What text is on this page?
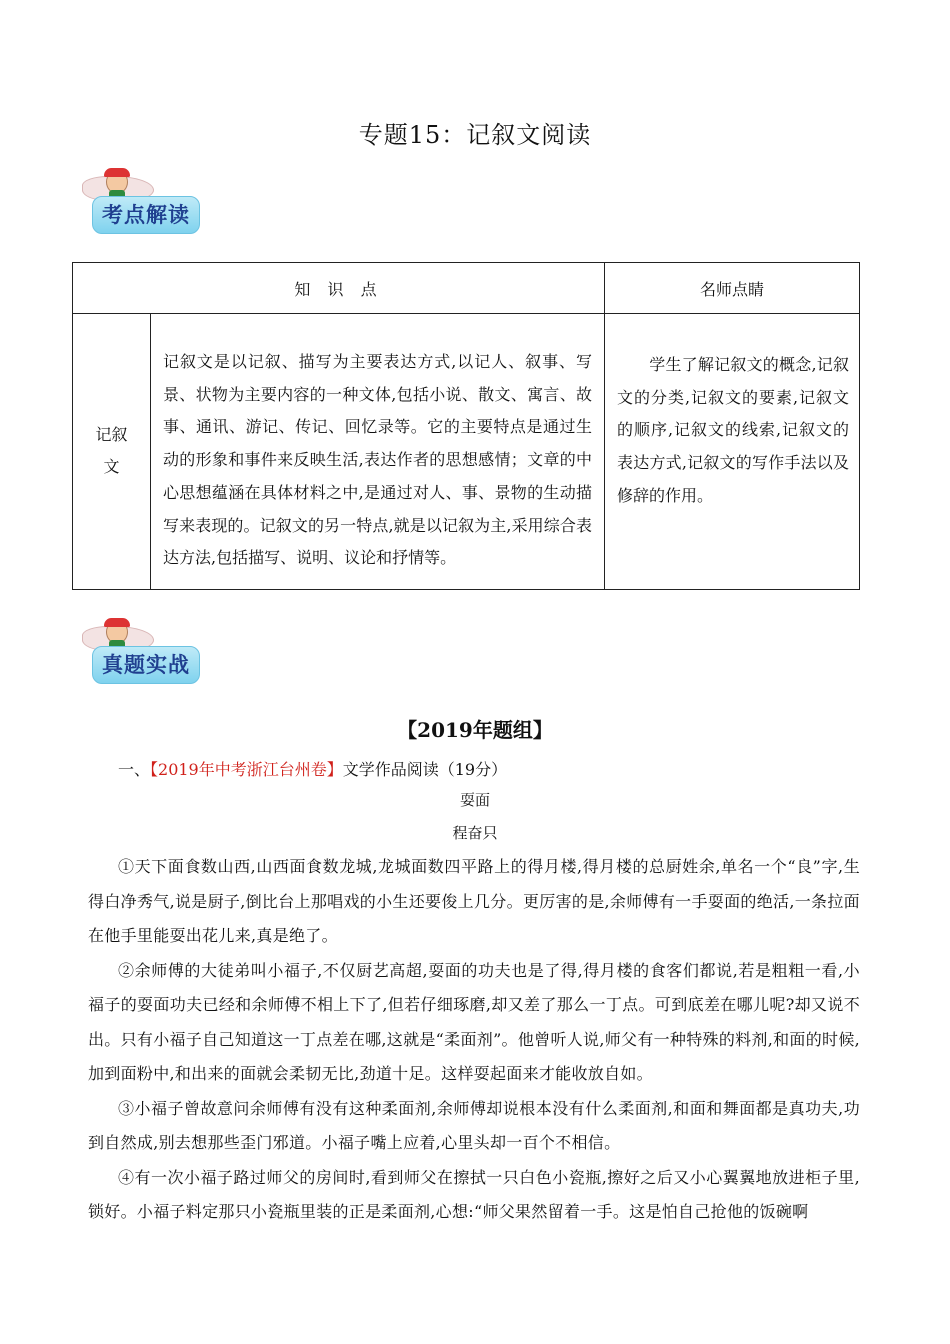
专题15：记叙文阅读
考点解读
知 识 点		名师点睛
记叙文	记叙文是以记叙、描写为主要表达方式,以记人、叙事、写景、状物为主要内容的一种文体,包括小说、散文、寓言、故事、通讯、游记、传记、回忆录等。它的主要特点是通过生动的形象和事件来反映生活,表达作者的思想感情；文章的中心思想蕴涵在具体材料之中,是通过对人、事、景物的生动描写来表现的。记叙文的另一特点,就是以记叙为主,采用综合表达方法,包括描写、说明、议论和抒情等。	学生了解记叙文的概念,记叙文的分类,记叙文的要素,记叙文的顺序,记叙文的线索,记叙文的表达方式,记叙文的写作手法以及修辞的作用。
真题实战
【2019年题组】
一、【2019年中考浙江台州卷】文学作品阅读（19分）
耍面
程奋只

①天下面食数山西,山西面食数龙城,龙城面数四平路上的得月楼,得月楼的总厨姓余,单名一个“良”字,生得白净秀气,说是厨子,倒比台上那唱戏的小生还要俊上几分。更厉害的是,余师傅有一手耍面的绝活,一条拉面在他手里能耍出花儿来,真是绝了。

②余师傅的大徒弟叫小福子,不仅厨艺高超,耍面的功夫也是了得,得月楼的食客们都说,若是粗粗一看,小福子的耍面功夫已经和余师傅不相上下了,但若仔细琢磨,却又差了那么一丁点。可到底差在哪儿呢?却又说不出。只有小福子自己知道这一丁点差在哪,这就是“柔面剂”。他曾听人说,师父有一种特殊的料剂,和面的时候,加到面粉中,和出来的面就会柔韧无比,劲道十足。这样耍起面来才能收放自如。

③小福子曾故意问余师傅有没有这种柔面剂,余师傅却说根本没有什么柔面剂,和面和舞面都是真功夫,功到自然成,别去想那些歪门邪道。小福子嘴上应着,心里头却一百个不相信。

④有一次小福子路过师父的房间时,看到师父在擦拭一只白色小瓷瓶,擦好之后又小心翼翼地放进柜子里,锁好。小福子料定那只小瓷瓶里装的正是柔面剂,心想:“师父果然留着一手。这是怕自己抢他的饭碗啊
